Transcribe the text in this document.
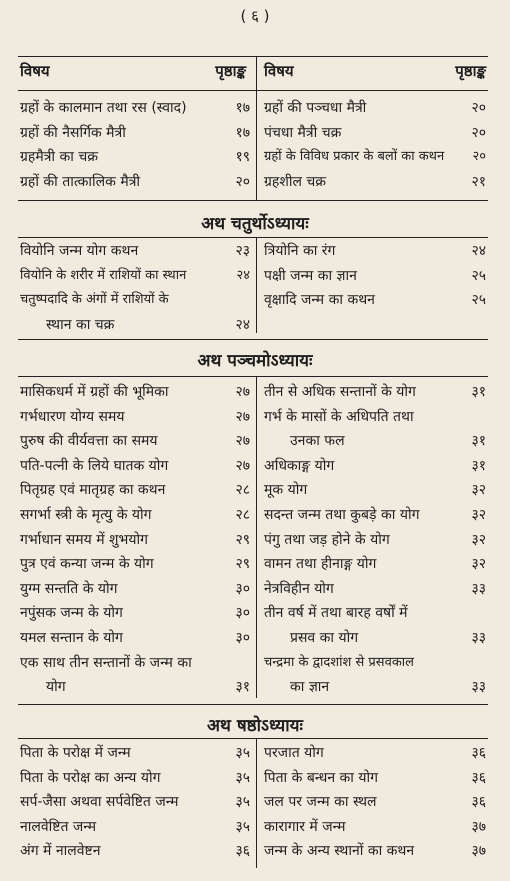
( ६ )
विषय	पृष्ठाङ्क विषय	पृष्ठाङ्क
ग्रहों के कालमान तथा रस (स्वाद)	१७
ग्रहों की नैसर्गिक मैत्री	१७
ग्रहमैत्री का चक्र	१९
ग्रहों की तात्कालिक मैत्री	२०
ग्रहों की पञ्चधा मैत्री	२०
पंचधा मैत्री चक्र	२०
ग्रहों के विविध प्रकार के बलों का कथन २०
ग्रहशील चक्र	२१
अथ चतुर्थोऽध्यायः
वियोनि जन्म योग कथन	२३
वियोनि के शरीर में राशियों का स्थान	२४
चतुष्पदादि के अंगों में राशियों के
स्थान का चक्र	२४
त्रियोनि का रंग	२४
पक्षी जन्म का ज्ञान	२५
वृक्षादि जन्म का कथन	२५
अथ पञ्चमोऽध्यायः
मासिकधर्म में ग्रहों की भूमिका	२७
गर्भधारण योग्य समय	२७
पुरुष की वीर्यवत्ता का समय	२७
पति-पत्नी के लिये घातक योग	२७
पितृग्रह एवं मातृग्रह का कथन	२८
सगर्भा स्त्री के मृत्यु के योग	२८
गर्भाधान समय में शुभयोग	२९
पुत्र एवं कन्या जन्म के योग	२९
युग्म सन्तति के योग	३०
नपुंसक जन्म के योग	३०
यमल सन्तान के योग	३०
एक साथ तीन सन्तानों के जन्म का
योग	३१
तीन से अधिक सन्तानों के योग	३१
गर्भ के मासों के अधिपति तथा
उनका फल	३१
अधिकाङ्ग योग	३१
मूक योग	३२
सदन्त जन्म तथा कुबड़े का योग	३२
पंगु तथा जड़ होने के योग	३२
वामन तथा हीनाङ्ग योग	३२
नेत्रविहीन योग	३३
तीन वर्ष में तथा बारह वर्षों में
प्रसव का योग	३३
चन्द्रमा के द्वादशांश से प्रसवकाल
का ज्ञान	३३
अथ षष्ठोऽध्यायः
पिता के परोक्ष में जन्म	३५
पिता के परोक्ष का अन्य योग	३५
सर्प-जैसा अथवा सर्पवेष्टित जन्म	३५
नालवेष्टित जन्म	३५
अंग में नालवेष्टन	३६
परजात योग	३६
पिता के बन्धन का योग	३६
जल पर जन्म का स्थल	३६
कारागार में जन्म	३७
जन्म के अन्य स्थानों का कथन	३७
